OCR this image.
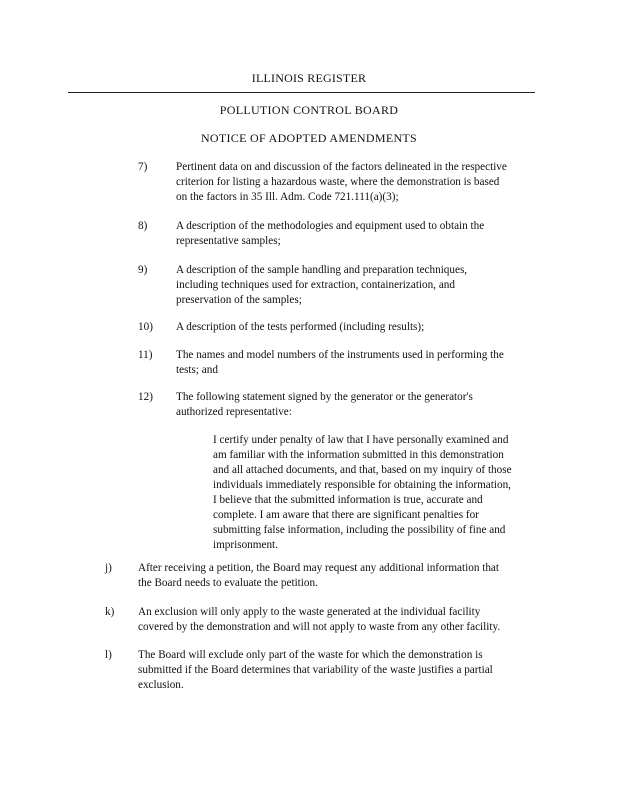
ILLINOIS REGISTER
POLLUTION CONTROL BOARD
NOTICE OF ADOPTED AMENDMENTS
7)	Pertinent data on and discussion of the factors delineated in the respective
criterion for listing a hazardous waste, where the demonstration is based
on the factors in 35 Ill. Adm. Code 721.111(a)(3);
8)	A description of the methodologies and equipment used to obtain the
representative samples;
9)	A description of the sample handling and preparation techniques,
including techniques used for extraction, containerization, and
preservation of the samples;
10) A description of the tests performed (including results);
11) The names and model numbers of the instruments used in performing the
tests; and
12) The following statement signed by the generator or the generator's
authorized representative:
I certify under penalty of law that I have personally examined and
am familiar with the information submitted in this demonstration
and all attached documents, and that, based on my inquiry of those
individuals immediately responsible for obtaining the information,
I believe that the submitted information is true, accurate and
complete. I am aware that there are significant penalties for
submitting false information, including the possibility of fine and
imprisonment.
j) After receiving a petition, the Board may request any additional information that
the Board needs to evaluate the petition.
k) An exclusion will only apply to the waste generated at the individual facility
covered by the demonstration and will not apply to waste from any other facility.
l) The Board will exclude only part of the waste for which the demonstration is
submitted if the Board determines that variability of the waste justifies a partial
exclusion.
